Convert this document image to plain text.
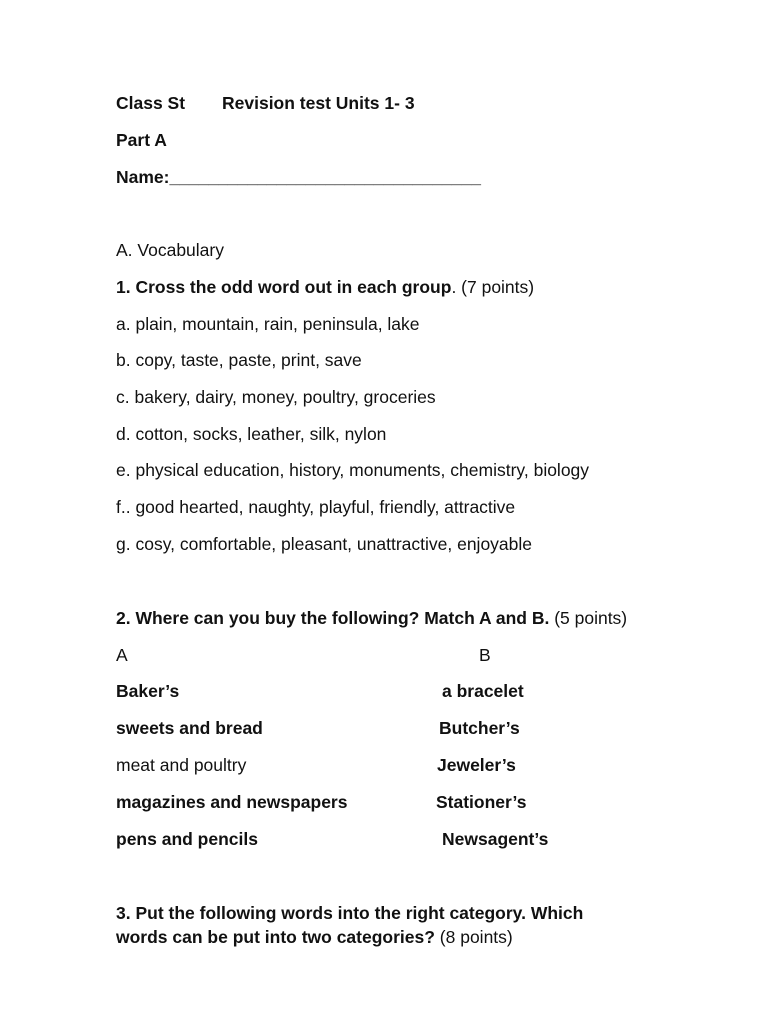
Class St Revision test Units 1- 3
Part A
Name:________________________________
A. Vocabulary
1. Cross the odd word out in each group. (7 points)
a. plain, mountain, rain, peninsula, lake
b. copy, taste, paste, print, save
c. bakery, dairy, money, poultry, groceries
d. cotton, socks, leather, silk, nylon
e. physical education, history, monuments, chemistry, biology
f.. good hearted, naughty, playful, friendly, attractive
g. cosy, comfortable, pleasant, unattractive, enjoyable
2. Where can you buy the following? Match A and B. (5 points)
A	B
Baker’s	a bracelet
sweets and bread	Butcher’s
meat and poultry	Jeweler’s
magazines and newspapers	Stationer’s
pens and pencils	Newsagent’s
3. Put the following words into the right category. Which
words can be put into two categories? (8 points)
